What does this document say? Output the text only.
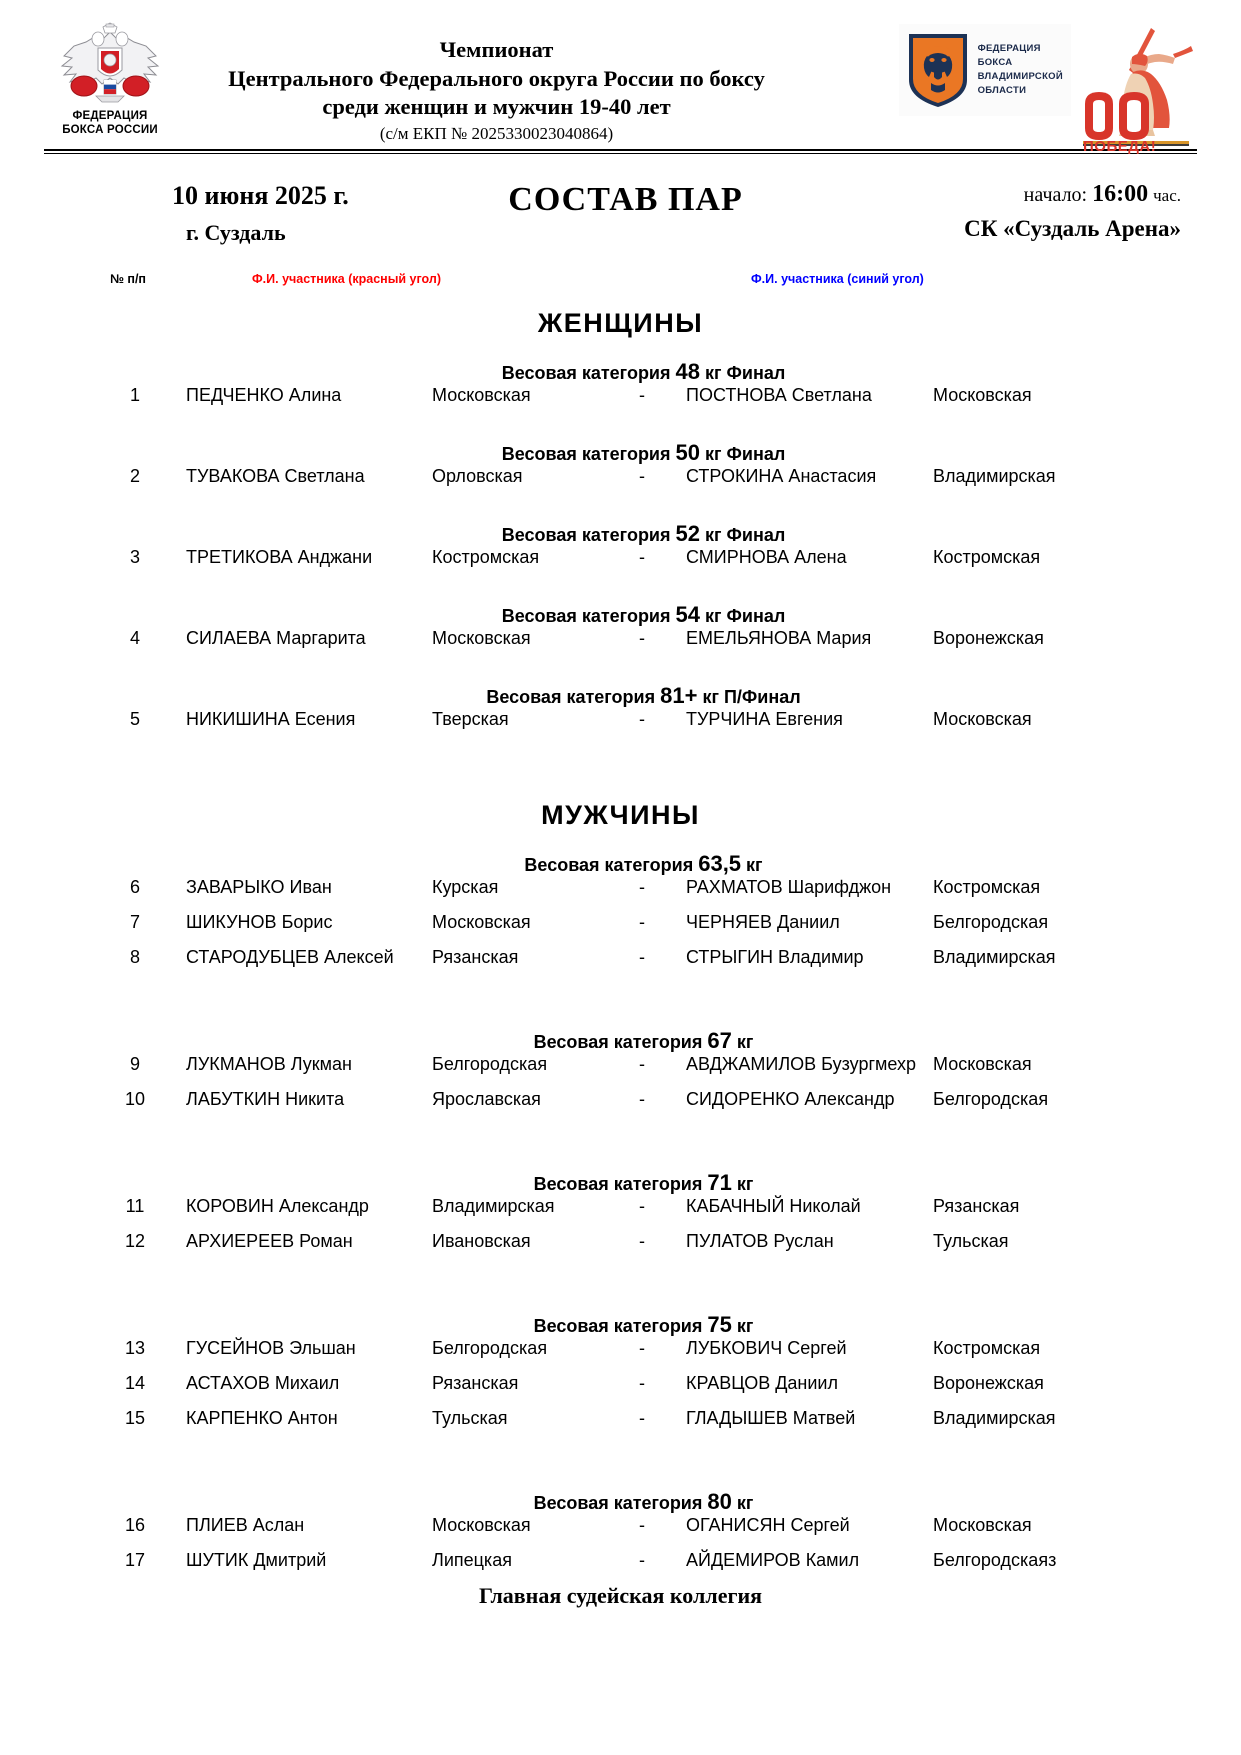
ФЕДЕРАЦИЯ
БОКСА РОССИИ
Чемпионат
Центрального Федерального округа России по боксу
среди женщин и мужчин 19-40 лет
(с/м ЕКП № 2025330023040864)
ФЕДЕРАЦИЯ
БОКСА
ВЛАДИМИРСКОЙ
ОБЛАСТИ
ПОБЕДА!
10 июня 2025 г.
г. Суздаль
СОСТАВ ПАР	начало: 16:00 час.
СК «Суздаль Арена»
№ п/п	Ф.И. участника (красный угол)	Ф.И. участника (синий угол)
ЖЕНЩИНЫ
Весовая категория 48 кг Финал
1	ПЕДЧЕНКО Алина	Московская	- ПОСТНОВА Светлана	Московская
Весовая категория 50 кг Финал
2	ТУВАКОВА Светлана	Орловская	- СТРОКИНА Анастасия	Владимирская
Весовая категория 52 кг Финал
3	ТРЕТИКОВА Анджани	Костромская	- СМИРНОВА Алена	Костромская
Весовая категория 54 кг Финал
4	СИЛАЕВА Маргарита	Московская	- ЕМЕЛЬЯНОВА Мария	Воронежская
Весовая категория 81+ кг П/Финал
5	НИКИШИНА Есения	Тверская	- ТУРЧИНА Евгения	Московская
МУЖЧИНЫ
Весовая категория 63,5 кг
6	ЗАВАРЫКО Иван	Курская	- РАХМАТОВ Шарифджон Костромская
7	ШИКУНОВ Борис	Московская	- ЧЕРНЯЕВ Даниил	Белгородская
8	СТАРОДУБЦЕВ Алексей Рязанская	- СТРЫГИН Владимир	Владимирская
Весовая категория 67 кг
9	ЛУКМАНОВ Лукман	Белгородская	- АВДЖАМИЛОВ Бузургмехр Московская
10	ЛАБУТКИН Никита	Ярославская	- СИДОРЕНКО Александр Белгородская
Весовая категория 71 кг
11	КОРОВИН Александр	Владимирская	- КАБАЧНЫЙ Николай	Рязанская
12	АРХИЕРЕЕВ Роман	Ивановская	- ПУЛАТОВ Руслан	Тульская
Весовая категория 75 кг
13	ГУСЕЙНОВ Эльшан	Белгородская	- ЛУБКОВИЧ Сергей	Костромская
14	АСТАХОВ Михаил	Рязанская	- КРАВЦОВ Даниил	Воронежская
15	КАРПЕНКО Антон	Тульская	- ГЛАДЫШЕВ Матвей	Владимирская
Весовая категория 80 кг
16	ПЛИЕВ Аслан	Московская	- ОГАНИСЯН Сергей	Московская
17	ШУТИК Дмитрий	Липецкая	- АЙДЕМИРОВ Камил	Белгородскаяз
Главная судейская коллегия
